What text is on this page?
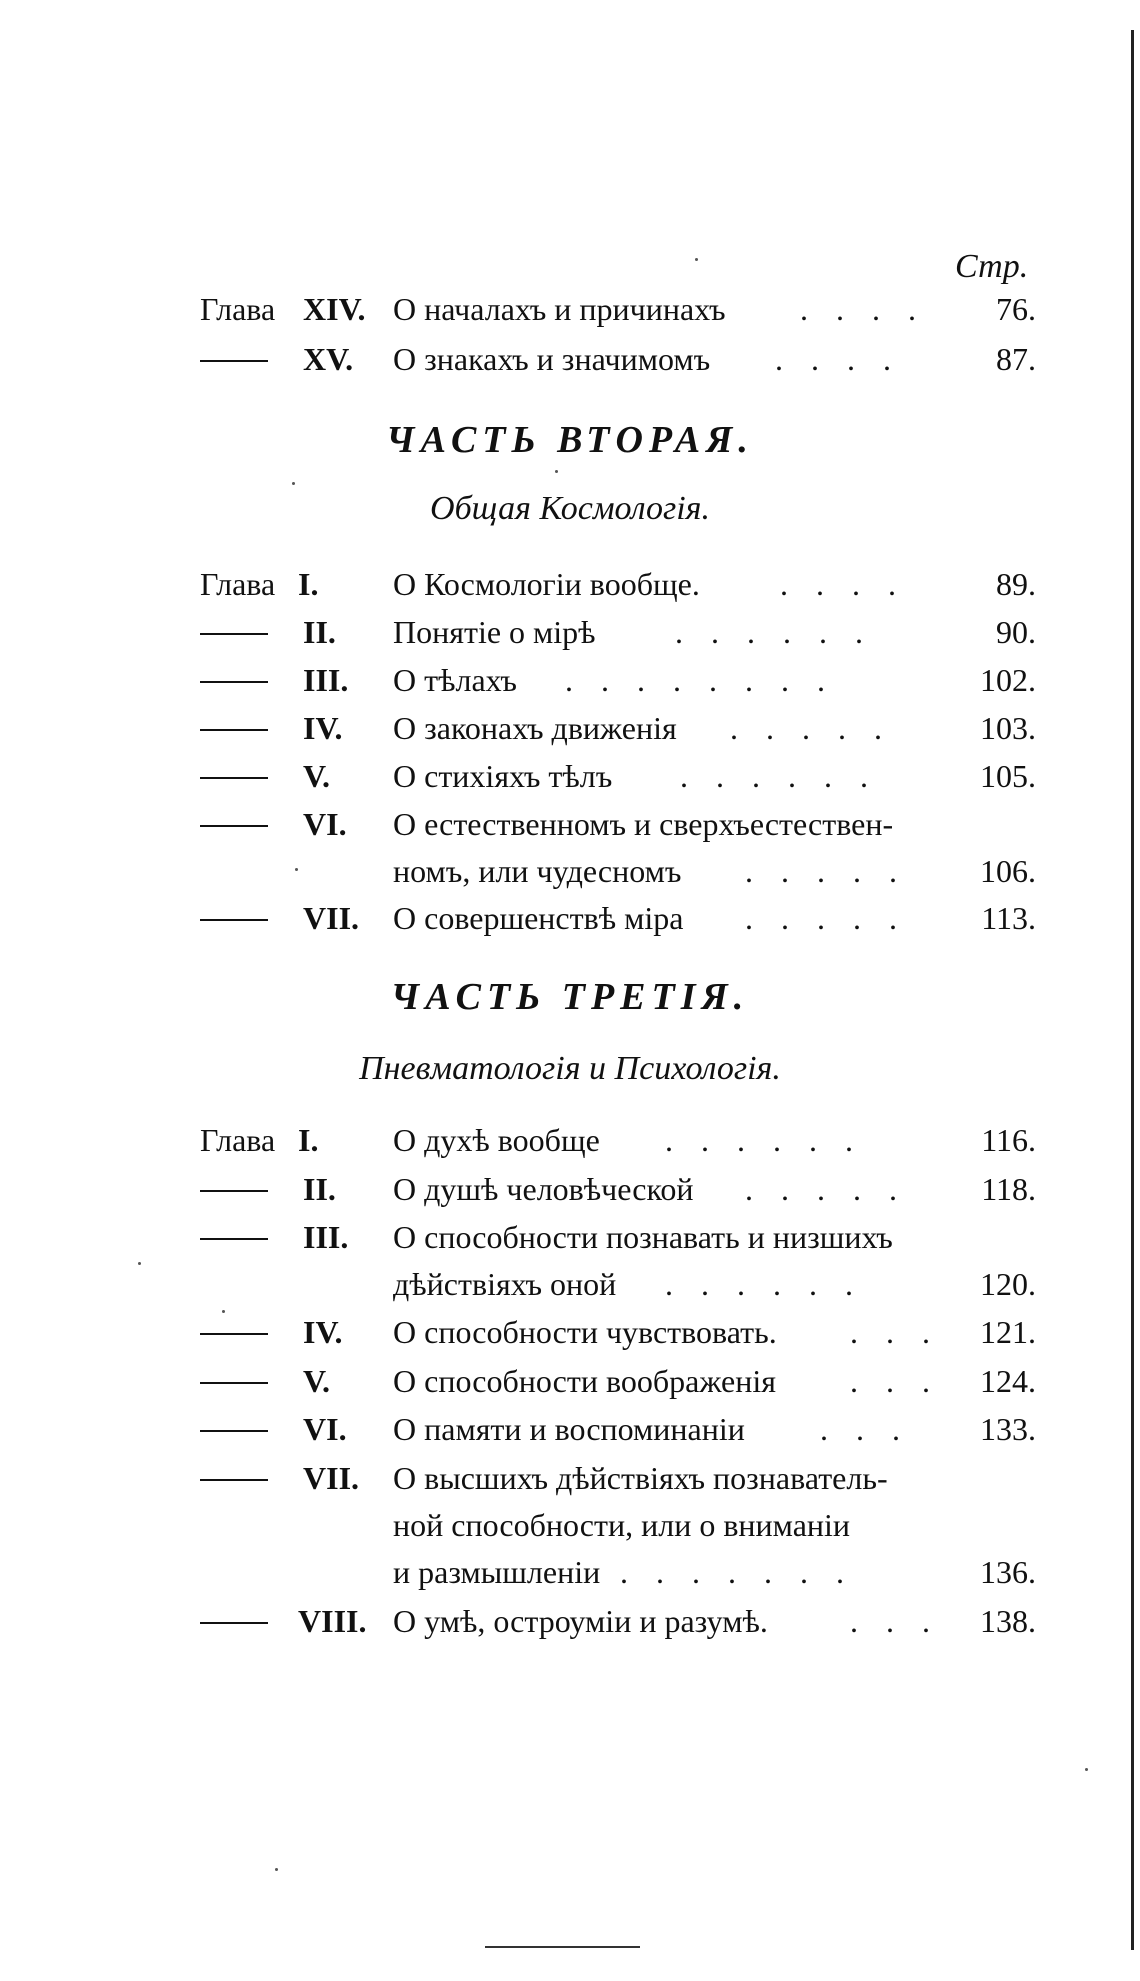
Стр.
Глава XIV. О началахъ и причинахъ . . . .	76.
XV. О знакахъ и значимомъ . . . .	87.
ЧАСТЬ ВТОРАЯ.
Общая Космологія.
Глава I. О Космологіи вообще.	. . . .	89.
II. Понятіе о мірѣ . . . . . .	90.
III. О тѣлахъ . . . . . . . .	102.
IV. О законахъ движенія . . . . .	103.
V. О стихіяхъ тѣлъ . . . . . .	105.
VI. О естественномъ и сверхъестествен-
номъ, или чудесномъ . . . . .	106.
VII. О совершенствѣ міра . . . . .	113.
ЧАСТЬ ТРЕТІЯ.
Пневматологія и Психологія.
Глава I. О духѣ вообще . . . . . .	116.
II. О душѣ человѣческой . . . . .	118.
III. О способности познавать и низшихъ
дѣйствіяхъ оной . . . . . .	120.
IV. О способности чувствовать. . . .	121.
V. О способности воображенія . . .	124.
VI. О памяти и воспоминаніи . . .	133.
VII. О высшихъ дѣйствіяхъ познаватель-
ной способности, или о вниманіи
и размышленіи . . . . . . .	136.
VIII. О умѣ, остроуміи и разумѣ.	. . .	138.
